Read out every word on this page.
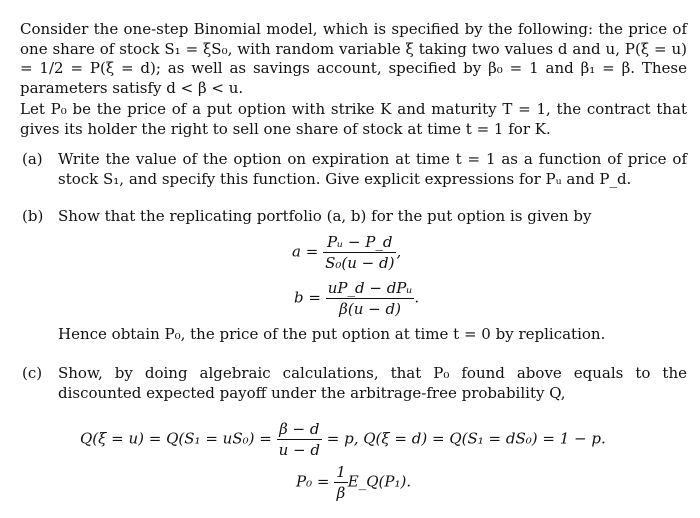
Consider the one-step Binomial model, which is specified by the following: the price of one share of stock S₁ = ξS₀, with random variable ξ taking two values d and u, P(ξ = u) = 1/2 = P(ξ = d); as well as savings account, specified by β₀ = 1 and β₁ = β. These parameters satisfy d < β < u.
Let P₀ be the price of a put option with strike K and maturity T = 1, the contract that gives its holder the right to sell one share of stock at time t = 1 for K.
(a) Write the value of the option on expiration at time t = 1 as a function of price of stock S₁, and specify this function. Give explicit expressions for Pᵤ and P_d.
(b) Show that the replicating portfolio (a, b) for the put option is given by
$a = \frac{\text{Pᵤ − P\_d}}{\text{S₀(u − d)}}$ ,
$b = \frac{\text{uP\_d − dPᵤ}}{\beta(u - d)}$ .
Hence obtain P₀, the price of the put option at time t = 0 by replication.
(c) Show, by doing algebraic calculations, that P₀ found above equals to the discounted expected payoff under the arbitrage-free probability Q,
$Q(\xi = u) = Q(S_1 = uS_0) = \frac{\beta - d}{u - d} = p$, Q(ξ = d) = Q(S₁ = dS₀) = 1 − p.
$P_0 = \frac{1}{\beta}$ E_Q(P₁).
